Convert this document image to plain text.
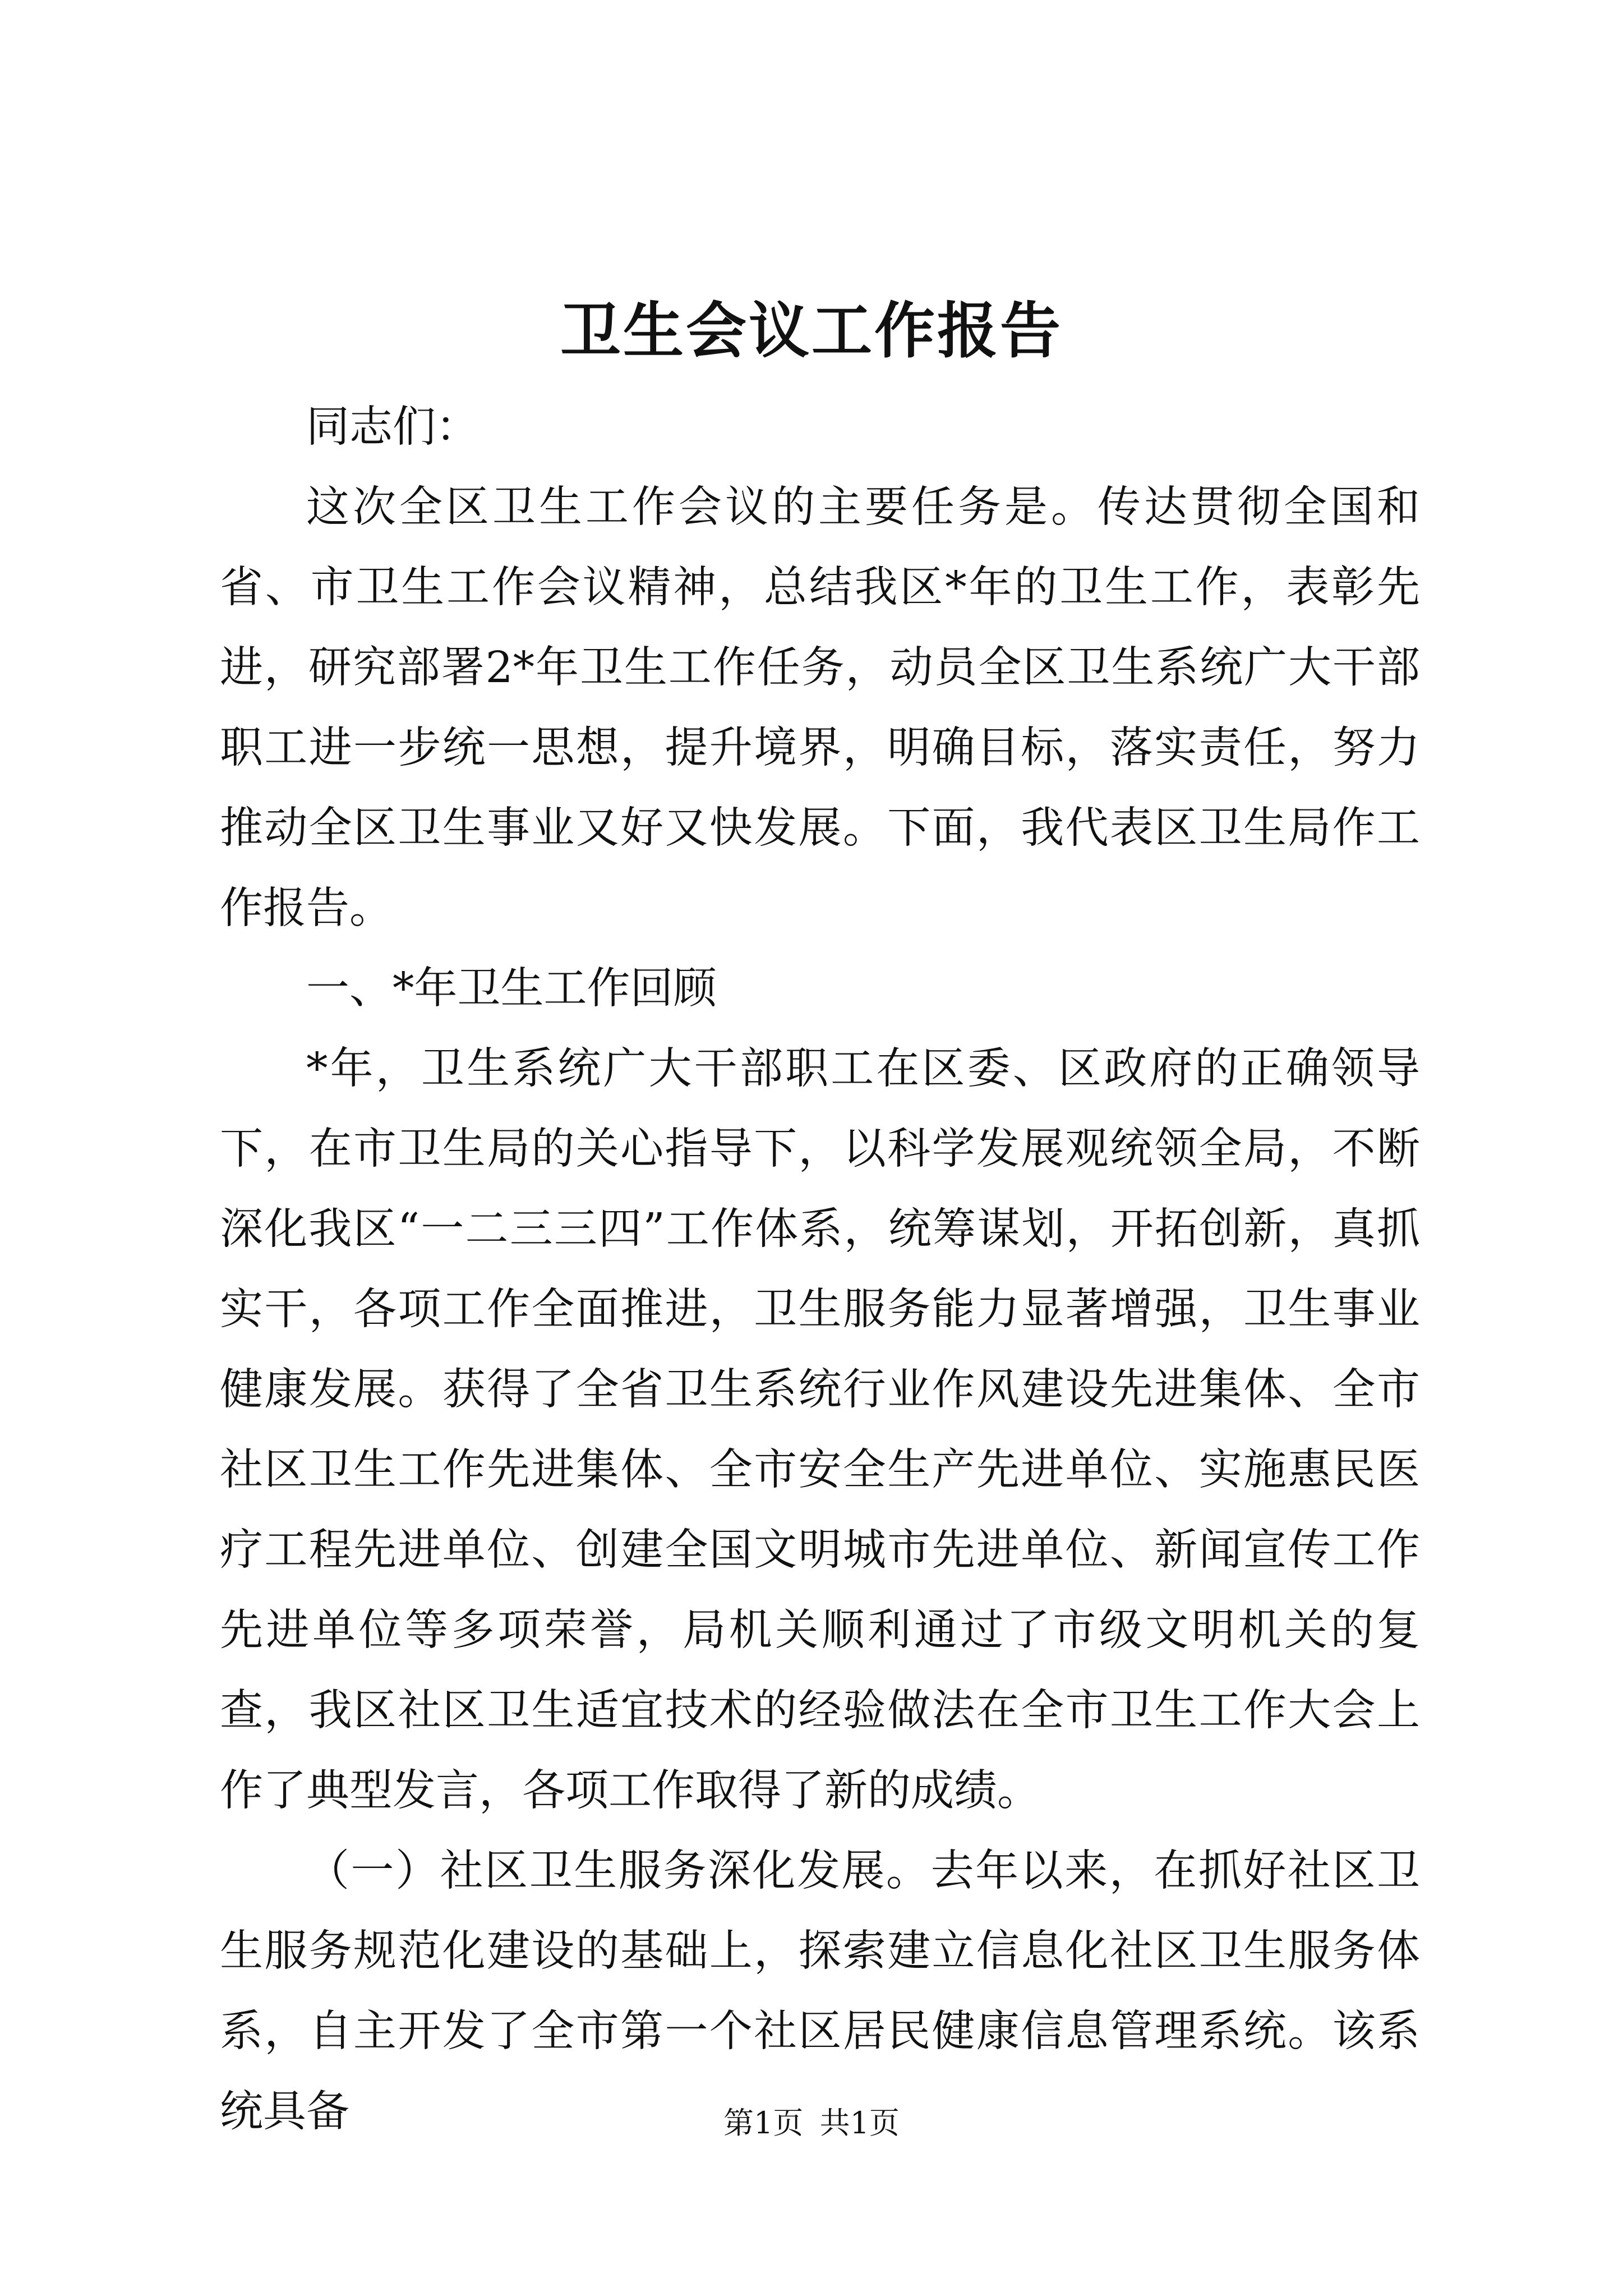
卫生会议工作报告

同志们：

这次全区卫生工作会议的主要任务是。传达贯彻全国和省、市卫生工作会议精神，总结我区*年的卫生工作，表彰先进，研究部署2*年卫生工作任务，动员全区卫生系统广大干部职工进一步统一思想，提升境界，明确目标，落实责任，努力推动全区卫生事业又好又快发展。下面，我代表区卫生局作工作报告。

一、*年卫生工作回顾

*年，卫生系统广大干部职工在区委、区政府的正确领导下，在市卫生局的关心指导下，以科学发展观统领全局，不断深化我区“一二三三四”工作体系，统筹谋划，开拓创新，真抓实干，各项工作全面推进，卫生服务能力显著增强，卫生事业健康发展。获得了全省卫生系统行业作风建设先进集体、全市社区卫生工作先进集体、全市安全生产先进单位、实施惠民医疗工程先进单位、创建全国文明城市先进单位、新闻宣传工作先进单位等多项荣誉，局机关顺利通过了市级文明机关的复查，我区社区卫生适宜技术的经验做法在全市卫生工作大会上作了典型发言，各项工作取得了新的成绩。

（一）社区卫生服务深化发展。去年以来，在抓好社区卫生服务规范化建设的基础上，探索建立信息化社区卫生服务体系，自主开发了全市第一个社区居民健康信息管理系统。该系统具备	第1页 共1页
